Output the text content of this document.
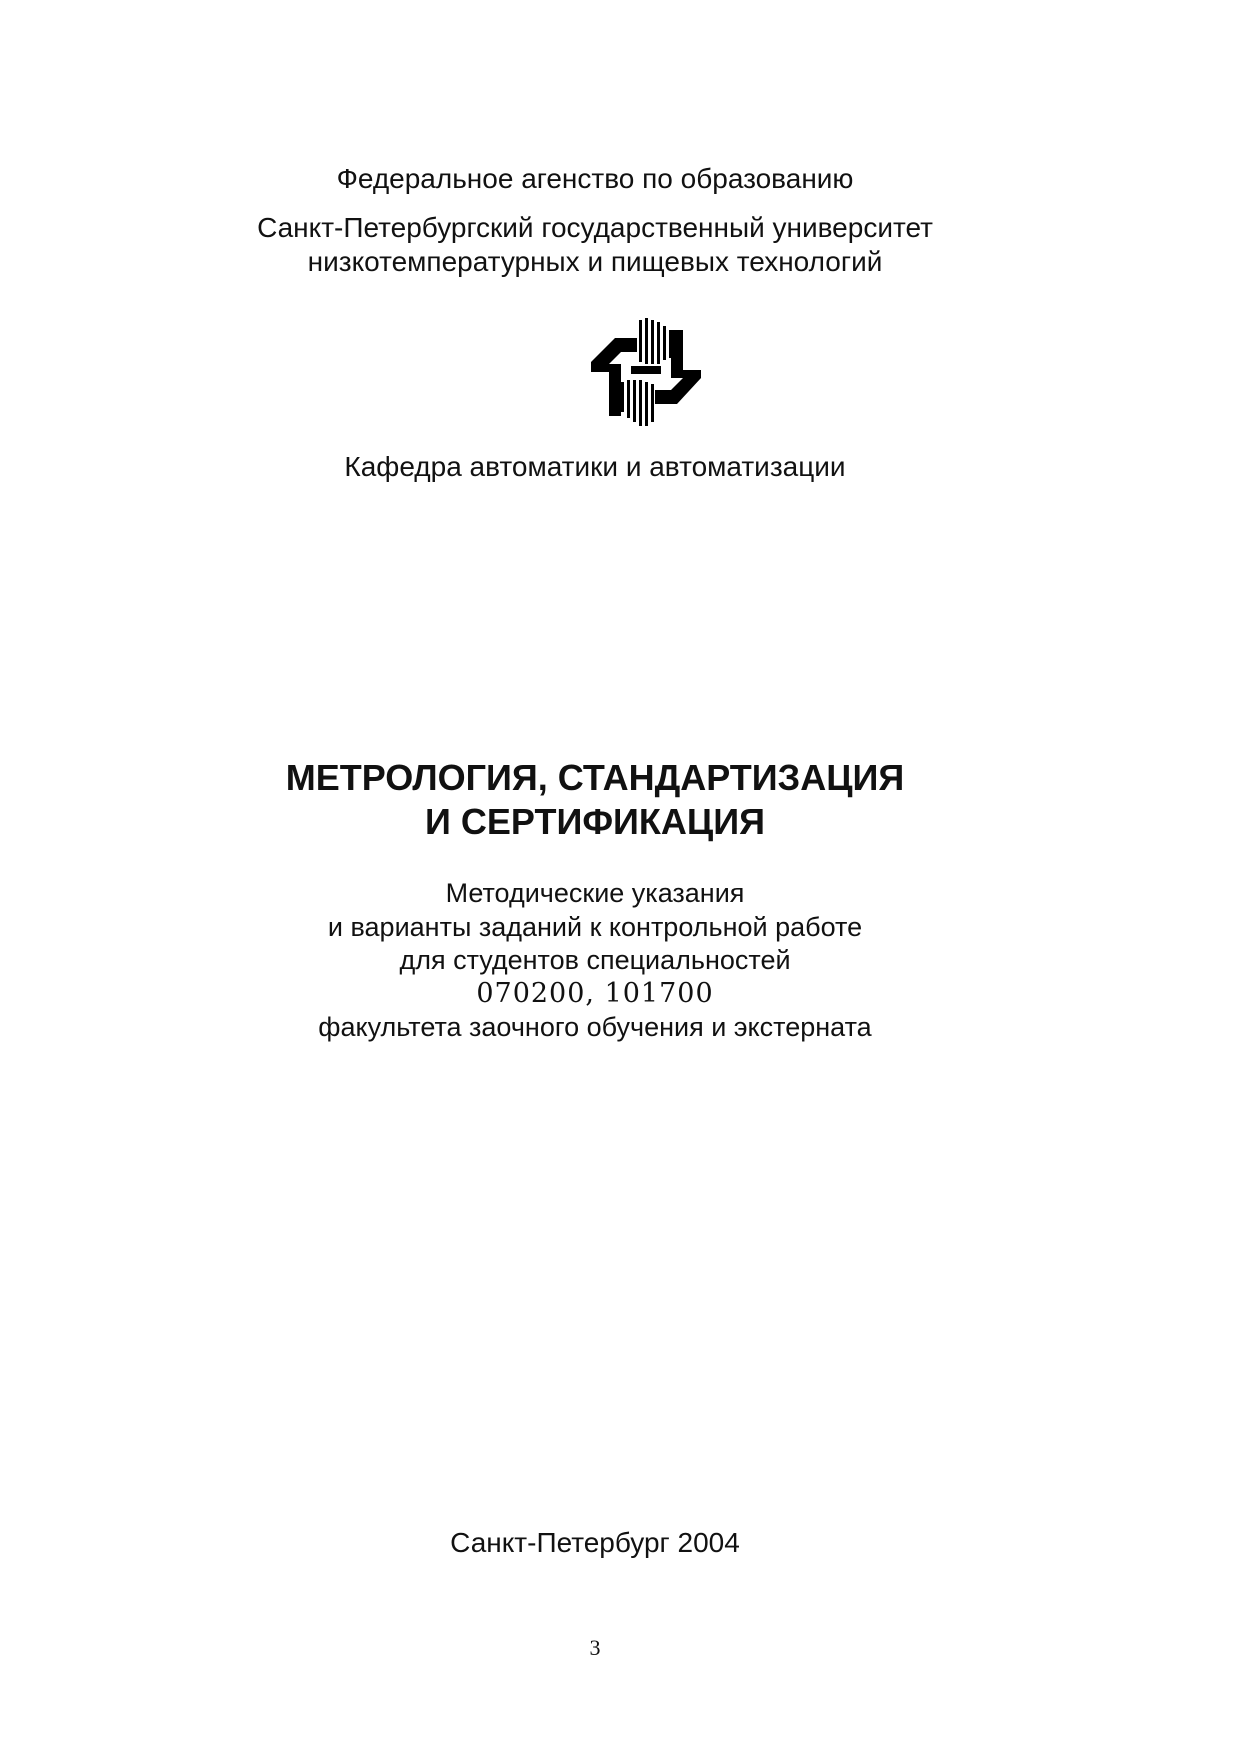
Федеральное агенство по образованию
Санкт-Петербургский государственный университет
низкотемпературных и пищевых технологий
Кафедра автоматики и автоматизации
МЕТРОЛОГИЯ, СТАНДАРТИЗАЦИЯ
И СЕРТИФИКАЦИЯ
Методические указания
и варианты заданий к контрольной работе
для студентов специальностей
070200, 101700
факультета заочного обучения и экстерната
Санкт-Петербург 2004
3
